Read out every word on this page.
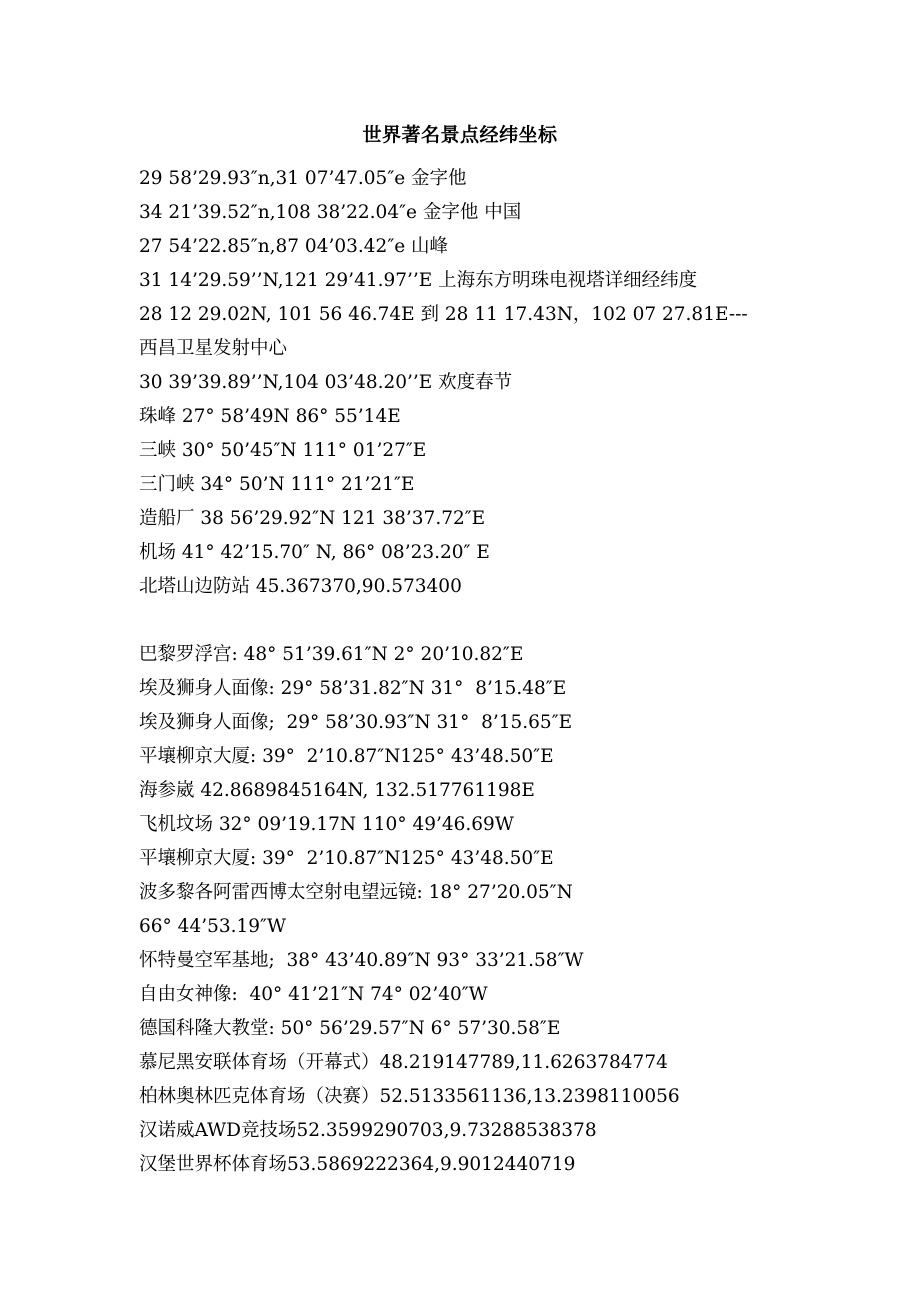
世界著名景点经纬坐标
29 58’29.93″n,31 07’47.05″e 金字他
34 21’39.52″n,108 38’22.04″e 金字他 中国
27 54’22.85″n,87 04’03.42″e 山峰
31 14’29.59’’N,121 29’41.97’’E 上海东方明珠电视塔详细经纬度
28 12 29.02N, 101 56 46.74E 到 28 11 17.43N，102 07 27.81E---
西昌卫星发射中心
30 39’39.89’’N,104 03’48.20’’E 欢度春节
珠峰 27° 58’49N 86° 55’14E
三峡 30° 50’45″N 111° 01’27″E
三门峡 34° 50’N 111° 21’21″E
造船厂 38 56’29.92″N 121 38’37.72″E
机场 41° 42’15.70″ N, 86° 08’23.20″ E
北塔山边防站 45.367370,90.573400
巴黎罗浮宫: 48° 51’39.61″N 2° 20’10.82″E
埃及狮身人面像: 29° 58’31.82″N 31°  8’15.48″E
埃及狮身人面像;  29° 58’30.93″N 31°  8’15.65″E
平壤柳京大厦: 39°  2’10.87″N125° 43’48.50″E
海参崴 42.8689845164N, 132.517761198E
飞机坟场 32° 09’19.17N 110° 49’46.69W
平壤柳京大厦: 39°  2’10.87″N125° 43’48.50″E
波多黎各阿雷西博太空射电望远镜: 18° 27’20.05″N
66° 44’53.19″W
怀特曼空军基地;  38° 43’40.89″N 93° 33’21.58″W
自由女神像:  40° 41’21″N 74° 02’40″W
德国科隆大教堂: 50° 56’29.57″N 6° 57’30.58″E
慕尼黑安联体育场（开幕式）48.219147789,11.6263784774
柏林奥林匹克体育场（决赛）52.5133561136,13.2398110056
汉诺威AWD竞技场52.3599290703,9.73288538378
汉堡世界杯体育场53.5869222364,9.9012440719
